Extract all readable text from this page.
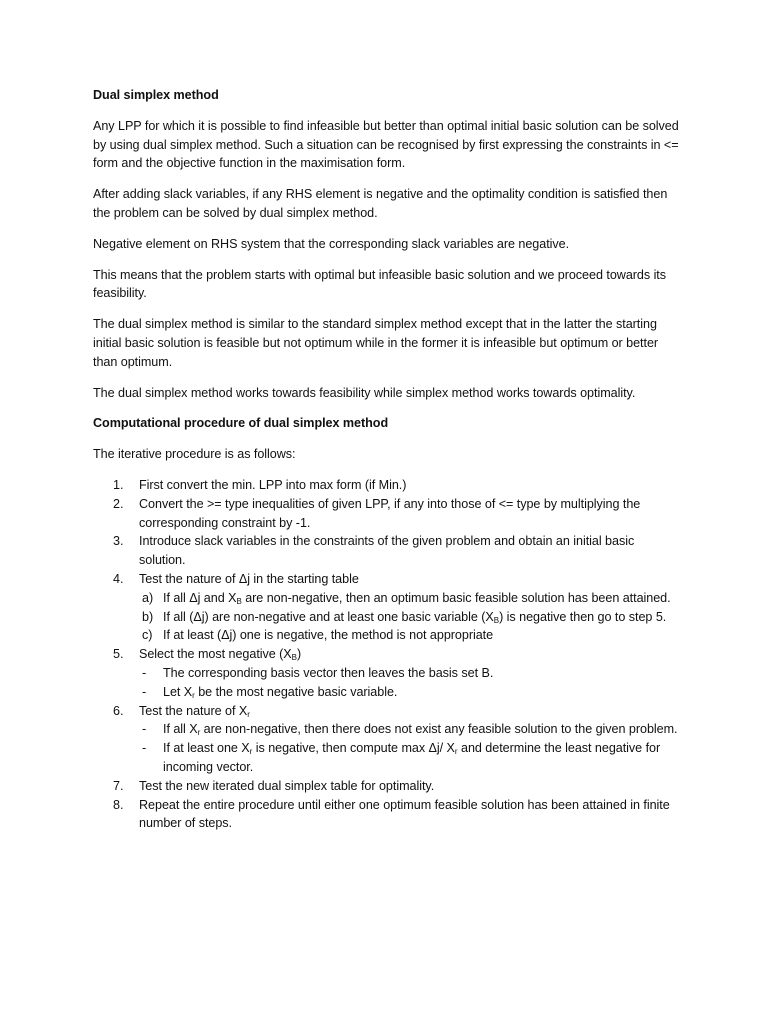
Dual simplex method

Any LPP for which it is possible to find infeasible but better than optimal initial basic solution can be solved by using dual simplex method. Such a situation can be recognised by first expressing the constraints in <= form and the objective function in the maximisation form.

After adding slack variables, if any RHS element is negative and the optimality condition is satisfied then the problem can be solved by dual simplex method.

Negative element on RHS system that the corresponding slack variables are negative.

This means that the problem starts with optimal but infeasible basic solution and we proceed towards its feasibility.

The dual simplex method is similar to the standard simplex method except that in the latter the starting initial basic solution is feasible but not optimum while in the former it is infeasible but optimum or better than optimum.

The dual simplex method works towards feasibility while simplex method works towards optimality.

Computational procedure of dual simplex method

The iterative procedure is as follows:

1. First convert the min. LPP into max form (if Min.)
2. Convert the >= type inequalities of given LPP, if any into those of <= type by multiplying the corresponding constraint by -1.
3. Introduce slack variables in the constraints of the given problem and obtain an initial basic solution.
4. Test the nature of Δj in the starting table
a) If all Δj and $X_B$ are non-negative, then an optimum basic feasible solution has been attained.
b) If all (Δj) are non-negative and at least one basic variable $(X_B)$ is negative then go to step 5.
c) If at least (Δj) one is negative, the method is not appropriate
5. Select the most negative $(X_B)$
- The corresponding basis vector then leaves the basis set B.
- Let $X_r$ be the most negative basic variable.
6. Test the nature of $X_r$
- If all $X_r$ are non-negative, then there does not exist any feasible solution to the given problem.
- If at least one $X_r$ is negative, then compute max Δj/ $X_r$ and determine the least negative for incoming vector.
7. Test the new iterated dual simplex table for optimality.
8. Repeat the entire procedure until either one optimum feasible solution has been attained in finite number of steps.
